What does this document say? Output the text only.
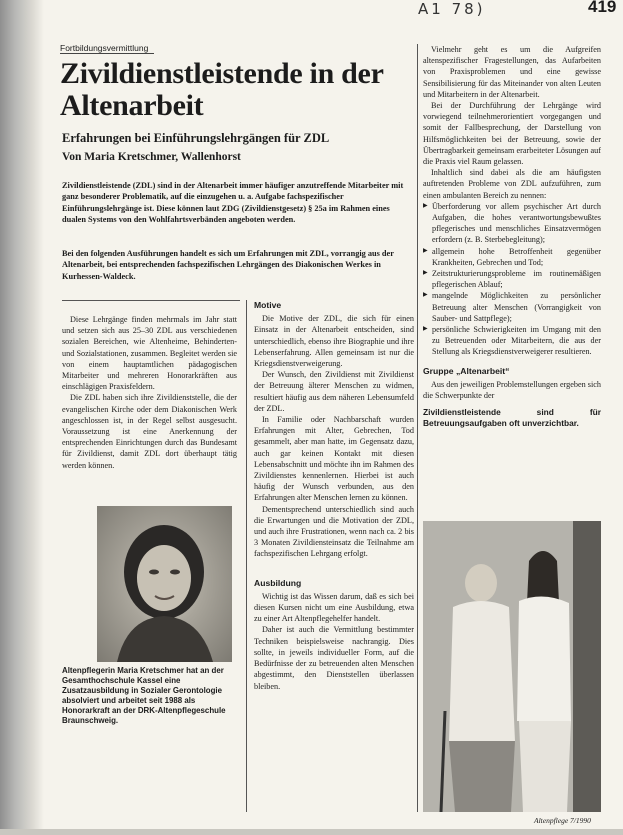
A1 78)	419
Fortbildungsvermittlung
Zivildienstleistende in der Altenarbeit
Erfahrungen bei Einführungslehrgängen für ZDL
Von Maria Kretschmer, Wallenhorst
Zivildienstleistende (ZDL) sind in der Altenarbeit immer häufiger anzutreffende Mitarbeiter mit ganz besonderer Problematik, auf die einzugehen u. a. Aufgabe fachspezifischer Einführungslehrgänge ist. Diese können laut ZDG (Zivildienstgesetz) § 25a im Rahmen eines dualen Systems von den Wohlfahrtsverbänden angeboten werden.
Bei den folgenden Ausführungen handelt es sich um Erfahrungen mit ZDL, vorrangig aus der Altenarbeit, bei entsprechenden fachspezifischen Lehrgängen des Diakonischen Werkes in Kurhessen-Waldeck.

Diese Lehrgänge finden mehrmals im Jahr statt und setzen sich aus 25–30 ZDL aus verschiedenen sozialen Bereichen, wie Altenheime, Behinderten- und Sozialstationen, zusammen. Begleitet werden sie von einem hauptamtlichen pädagogischen Mitarbeiter und mehreren Honorarkräften aus einschlägigen Praxisfeldern.

Die ZDL haben sich ihre Zivildienststelle, die der evangelischen Kirche oder dem Diakonischen Werk angeschlossen ist, in der Regel selbst ausgesucht. Voraussetzung ist eine Anerkennung der entsprechenden Einrichtungen durch das Bundesamt für Zivildienst, damit ZDL dort überhaupt tätig werden können.

Altenpflegerin Maria Kretschmer hat an der Gesamthochschule Kassel eine Zusatzausbildung in Sozialer Gerontologie absolviert und arbeitet seit 1988 als Honorarkraft an der DRK-Altenpflegeschule Braunschweig.
Motive

Die Motive der ZDL, die sich für einen Einsatz in der Altenarbeit entscheiden, sind unterschiedlich, ebenso ihre Biographie und ihre Lebenserfahrung. Allen gemeinsam ist nur die Kriegsdienstverweigerung.

Der Wunsch, den Zivildienst mit Zivildienst der Betreuung älterer Menschen zu widmen, resultiert häufig aus dem näheren Lebensumfeld der ZDL.

In Familie oder Nachbarschaft wurden Erfahrungen mit Alter, Gebrechen, Tod gesammelt, aber man hatte, im Gegensatz dazu, auch gar keinen Kontakt mit diesen Lebensabschnitt und möchte ihn im Rahmen des Zivildienstes kennenlernen. Hierbei ist auch häufig der Wunsch verbunden, aus den Erfahrungen alter Menschen lernen zu können.

Dementsprechend unterschiedlich sind auch die Erwartungen und die Motivation der ZDL, und auch ihre Frustrationen, wenn nach ca. 2 bis 3 Monaten Zivildiensteinsatz die Teilnahme am fachspezifischen Lehrgang erfolgt.

Ausbildung

Wichtig ist das Wissen darum, daß es sich bei diesen Kursen nicht um eine Ausbildung, etwa zu einer Art Altenpflegehelfer handelt.

Daher ist auch die Vermittlung bestimmter Techniken beispielsweise nachrangig. Dies sollte, in jeweils individueller Form, auf die Bedürfnisse der zu betreuenden alten Menschen abgestimmt, den Dienststellen überlassen bleiben.

Vielmehr geht es um die Aufgreifen altenspezifischer Fragestellungen, das Aufarbeiten von Praxisproblemen und eine gewisse Sensibilisierung für das Miteinander von alten Leuten und Mitarbeitern in der Altenarbeit.

Bei der Durchführung der Lehrgänge wird vorwiegend teilnehmerorientiert vorgegangen und somit der Fallbesprechung, der Darstellung von Hilfsmöglichkeiten bei der Betreuung, sowie der Übertragbarkeit gemeinsam erarbeiteter Lösungen auf die Praxis viel Raum gelassen.

Inhaltlich sind dabei als die am häufigsten auftretenden Probleme von ZDL aufzuführen, zum einen ambulanten Bereich zu nennen:

▶ Überforderung vor allem psychischer Art durch Aufgaben, die hohes verantwortungsbewußtes pflegerisches und menschliches Einsatzvermögen erfordern (z. B. Sterbebegleitung);
▶ allgemein hohe Betroffenheit gegenüber Krankheiten, Gebrechen und Tod;
▶ Zeitstrukturierungsprobleme im routinemäßigen pflegerischen Ablauf;
▶ mangelnde Möglichkeiten zu persönlicher Betreuung alter Menschen (Vorrangigkeit von Sauber- und Sattpflege);
▶ persönliche Schwierigkeiten im Umgang mit den zu Betreuenden oder Mitarbeitern, die aus der Stellung als Kriegsdienstverweigerer resultieren.
Gruppe „Altenarbeit“

Aus den jeweiligen Problemstellungen ergeben sich die Schwerpunkte der

Zivildienstleistende sind für Betreuungsaufgaben oft unverzichtbar.
Altenpflege 7/1990
